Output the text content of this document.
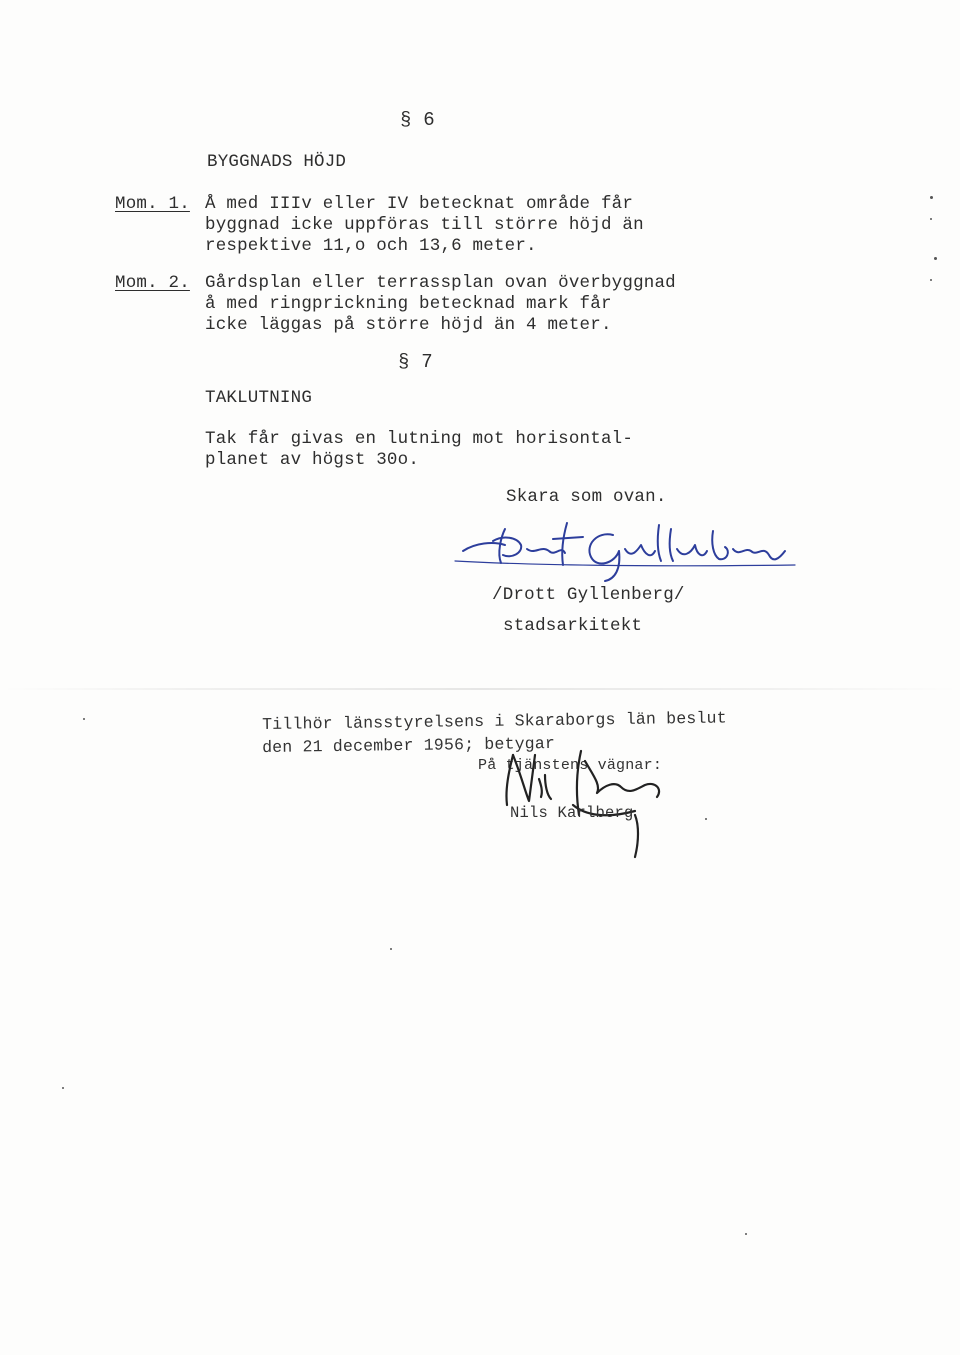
§ 6
BYGGNADS HÖJD
Mom. 1. Å med IIIv eller IV betecknat område får
byggnad icke uppföras till större höjd än
respektive 11,o och 13,6 meter.
Mom. 2. Gårdsplan eller terrassplan ovan överbyggnad
å med ringprickning betecknad mark får
icke läggas på större höjd än 4 meter.
§ 7
TAKLUTNING
Tak får givas en lutning mot horisontal-
planet av högst 30o.
Skara som ovan.
/Drott Gyllenberg/
stadsarkitekt
Tillhör länsstyrelsens i Skaraborgs län beslut
den 21 december 1956; betygar
På tjänstens vägnar:
Nils Karlberg
